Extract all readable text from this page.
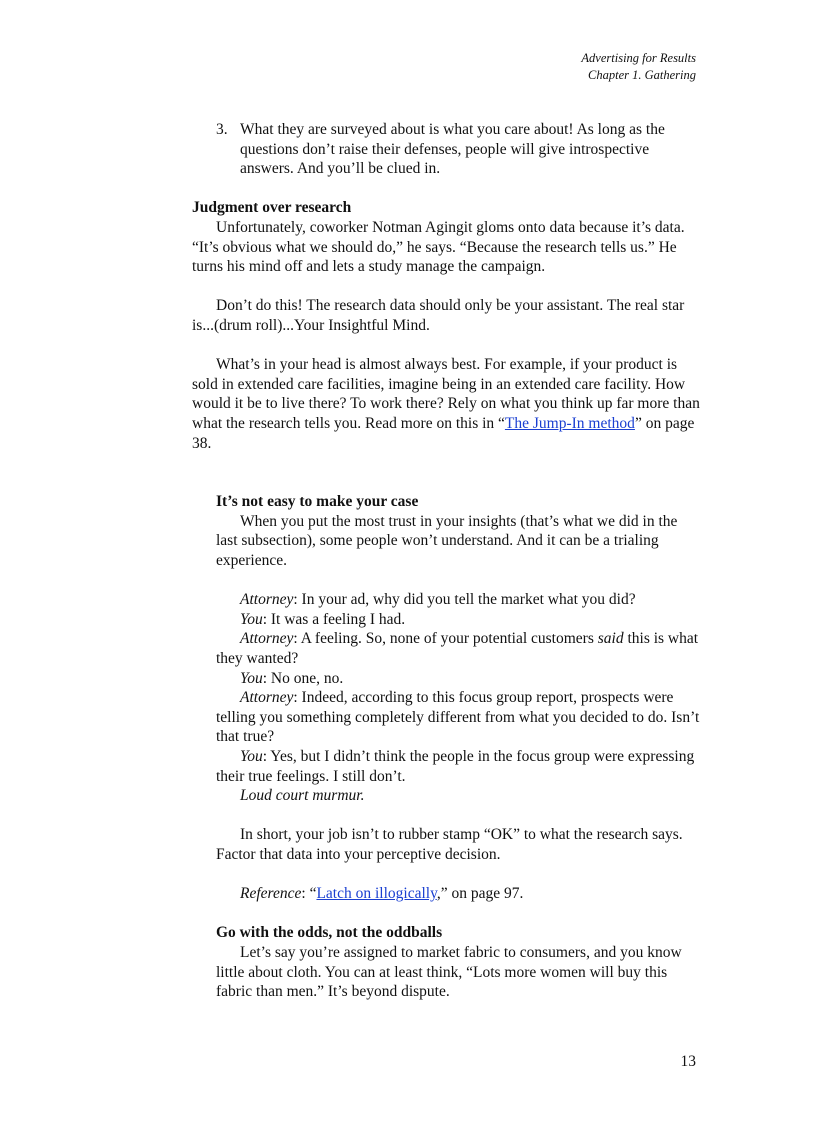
Advertising for Results
Chapter 1. Gathering
3. What they are surveyed about is what you care about! As long as the questions don’t raise their defenses, people will give introspective answers. And you’ll be clued in.

Judgment over research

Unfortunately, coworker Notman Agingit gloms onto data because it’s data. “It’s obvious what we should do,” he says. “Because the research tells us.” He turns his mind off and lets a study manage the campaign.

Don’t do this! The research data should only be your assistant. The real star is...(drum roll)...Your Insightful Mind.

What’s in your head is almost always best. For example, if your product is sold in extended care facilities, imagine being in an extended care facility. How would it be to live there? To work there? Rely on what you think up far more than what the research tells you. Read more on this in “The Jump-In method” on page 38.

It’s not easy to make your case

When you put the most trust in your insights (that’s what we did in the last subsection), some people won’t understand. And it can be a trialing experience.

Attorney: In your ad, why did you tell the market what you did?

You: It was a feeling I had.

Attorney: A feeling. So, none of your potential customers said this is what they wanted?

You: No one, no.

Attorney: Indeed, according to this focus group report, prospects were telling you something completely different from what you decided to do. Isn’t that true?

You: Yes, but I didn’t think the people in the focus group were expressing their true feelings. I still don’t.

Loud court murmur.

In short, your job isn’t to rubber stamp “OK” to what the research says. Factor that data into your perceptive decision.

Reference: “Latch on illogically,” on page 97.

Go with the odds, not the oddballs

Let’s say you’re assigned to market fabric to consumers, and you know little about cloth. You can at least think, “Lots more women will buy this fabric than men.” It’s beyond dispute.

13
